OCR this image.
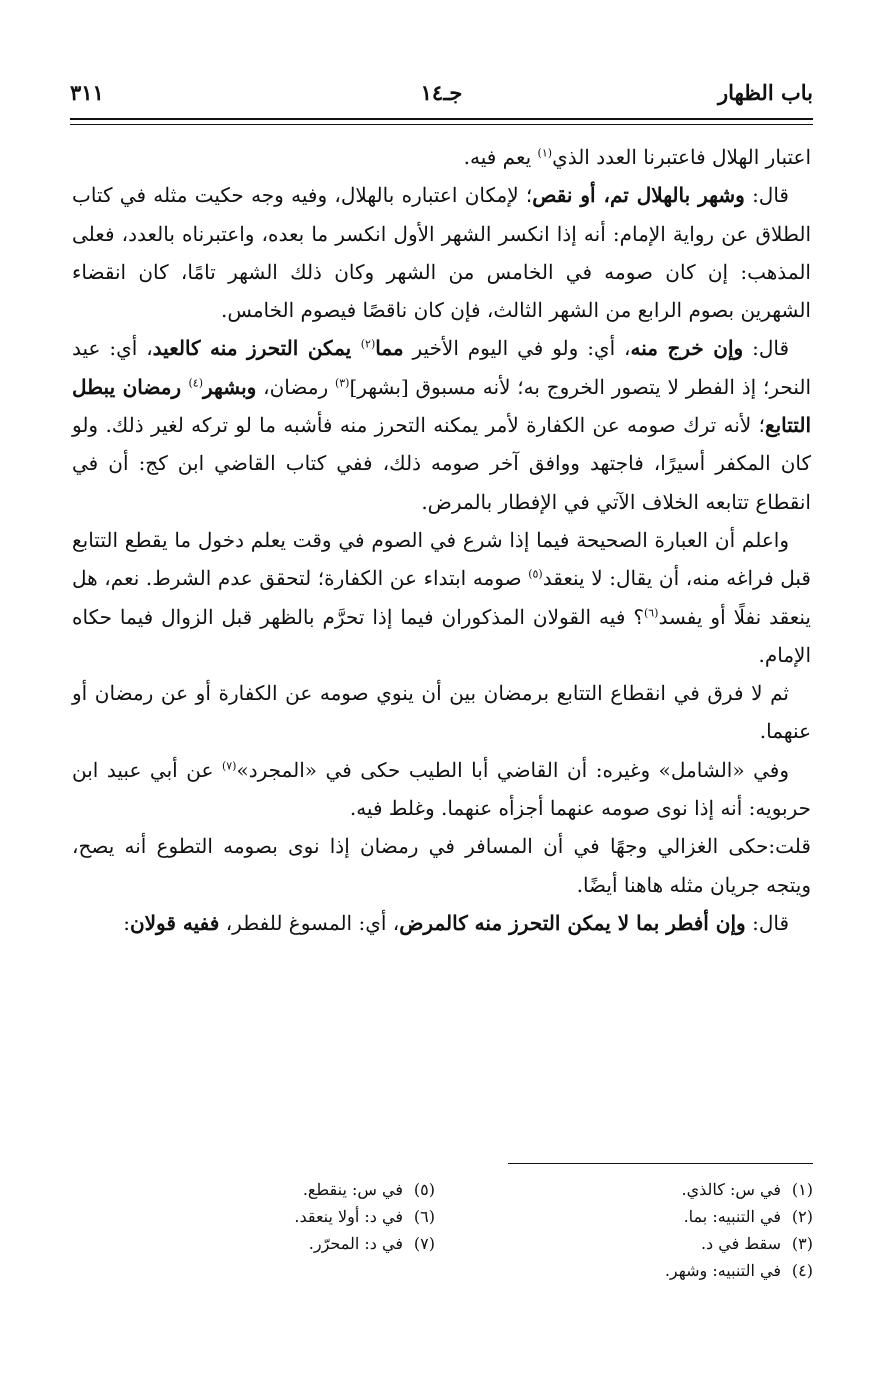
باب الظهار
جـ١٤
٣١١

اعتبار الهلال فاعتبرنا العدد الذي$^{(١)}$ يعم فيه.

قال: وشهر بالهلال تم، أو نقص؛ لإمكان اعتباره بالهلال، وفيه وجه حكيت مثله في كتاب الطلاق عن رواية الإمام: أنه إذا انكسر الشهر الأول انكسر ما بعده، واعتبرناه بالعدد، فعلى المذهب: إن كان صومه في الخامس من الشهر وكان ذلك الشهر تامًا، كان انقضاء الشهرين بصوم الرابع من الشهر الثالث، فإن كان ناقصًا فيصوم الخامس.

قال: وإن خرج منه، أي: ولو في اليوم الأخير مما$^{(٢)}$ يمكن التحرز منه كالعيد، أي: عيد النحر؛ إذ الفطر لا يتصور الخروج به؛ لأنه مسبوق [بشهر]$^{(٣)}$ رمضان، وبشهر$^{(٤)}$ رمضان يبطل التتابع؛ لأنه ترك صومه عن الكفارة لأمر يمكنه التحرز منه فأشبه ما لو تركه لغير ذلك. ولو كان المكفر أسيرًا، فاجتهد ووافق آخر صومه ذلك، ففي كتاب القاضي ابن كج: أن في انقطاع تتابعه الخلاف الآتي في الإفطار بالمرض.

واعلم أن العبارة الصحيحة فيما إذا شرع في الصوم في وقت يعلم دخول ما يقطع التتابع قبل فراغه منه، أن يقال: لا ينعقد$^{(٥)}$ صومه ابتداء عن الكفارة؛ لتحقق عدم الشرط. نعم، هل ينعقد نفلًا أو يفسد$^{(٦)}$؟ فيه القولان المذكوران فيما إذا تحرَّم بالظهر قبل الزوال فيما حكاه الإمام.

ثم لا فرق في انقطاع التتابع برمضان بين أن ينوي صومه عن الكفارة أو عن رمضان أو عنهما.

وفي «الشامل» وغيره: أن القاضي أبا الطيب حكى في «المجرد»$^{(٧)}$ عن أبي عبيد ابن حربويه: أنه إذا نوى صومه عنهما أجزأه عنهما. وغلط فيه.

قلت:حكى الغزالي وجهًا في أن المسافر في رمضان إذا نوى بصومه التطوع أنه يصح، ويتجه جريان مثله هاهنا أيضًا.

قال: وإن أفطر بما لا يمكن التحرز منه كالمرض، أي: المسوغ للفطر، ففيه قولان:

(١)في س: كالذي.
(٢)في التنبيه: بما.
(٣)سقط في د.
(٤)في التنبيه: وشهر.
(٥)في س: ينقطع.
(٦)في د: أولا ينعقد.
(٧)في د: المحرّر.
